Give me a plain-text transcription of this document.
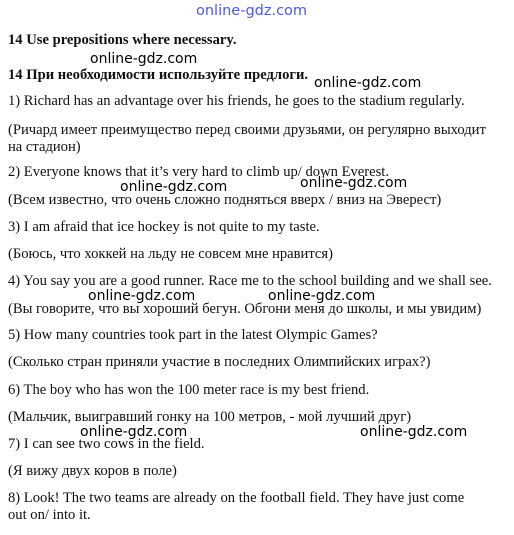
online-gdz.com
online-gdz.com
online-gdz.com
online-gdz.com	online-gdz.com
online-gdz.com	online-gdz.com
online-gdz.com	online-gdz.com
14 Use prepositions where necessary.
14 При необходимости используйте предлоги.
1) Richard has an advantage over his friends, he goes to the stadium regularly.
(Ричард имеет преимущество перед своими друзьями, он регулярно выходит
на стадион)
2) Everyone knows that it’s very hard to climb up/ down Everest.
(Всем известно, что очень сложно подняться вверх / вниз на Эверест)
3) I am afraid that ice hockey is not quite to my taste.
(Боюсь, что хоккей на льду не совсем мне нравится)
4) You say you are a good runner. Race me to the school building and we shall see.
(Вы говорите, что вы хороший бегун. Обгони меня до школы, и мы увидим)
5) How many countries took part in the latest Olympic Games?
(Сколько стран приняли участие в последних Олимпийских играх?)
6) The boy who has won the 100 meter race is my best friend.
(Мальчик, выигравший гонку на 100 метров, - мой лучший друг)
7) I can see two cows in the field.
(Я вижу двух коров в поле)
8) Look! The two teams are already on the football field. They have just come
out on/ into it.
